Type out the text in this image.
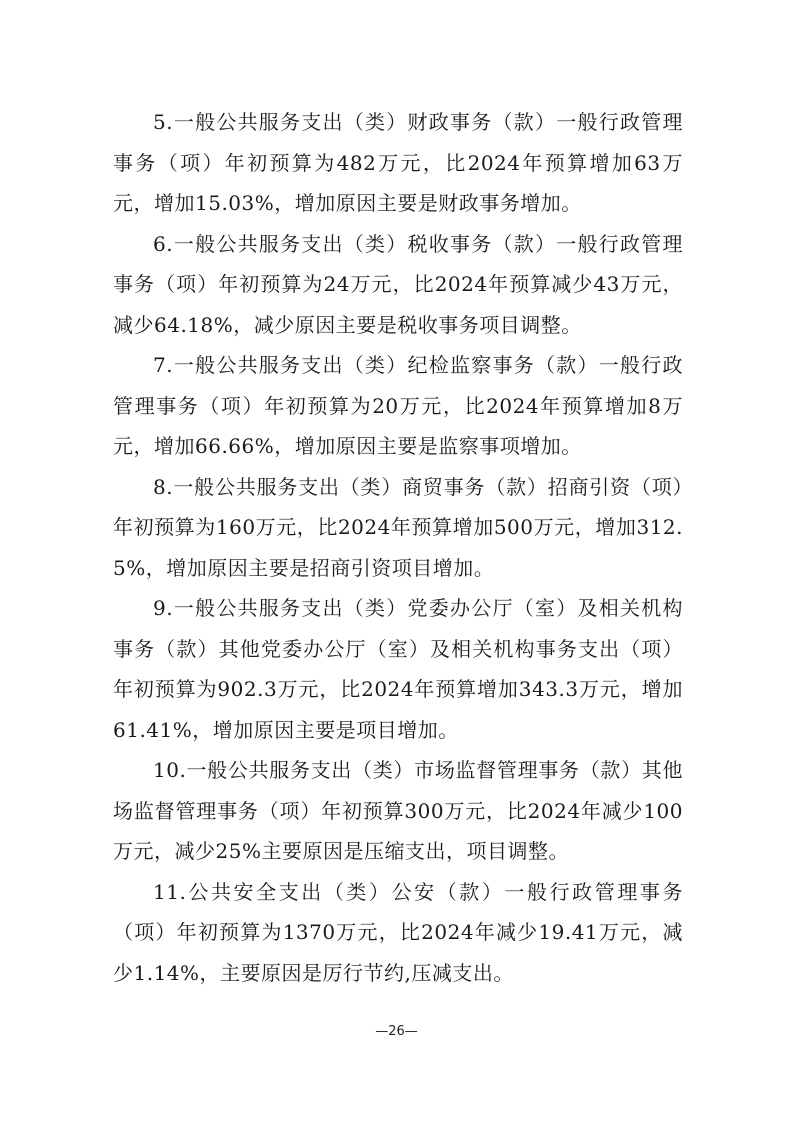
5.一般公共服务支出（类）财政事务（款）一般行政管理事务（项）年初预算为482万元，比2024年预算增加63万元，增加15.03%，增加原因主要是财政事务增加。

6.一般公共服务支出（类）税收事务（款）一般行政管理事务（项）年初预算为24万元，比2024年预算减少43万元，减少64.18%，减少原因主要是税收事务项目调整。

7.一般公共服务支出（类）纪检监察事务（款）一般行政管理事务（项）年初预算为20万元，比2024年预算增加8万元，增加66.66%，增加原因主要是监察事项增加。

8.一般公共服务支出（类）商贸事务（款）招商引资（项）年初预算为160万元，比2024年预算增加500万元，增加312.5%，增加原因主要是招商引资项目增加。

9.一般公共服务支出（类）党委办公厅（室）及相关机构事务（款）其他党委办公厅（室）及相关机构事务支出（项）年初预算为902.3万元，比2024年预算增加343.3万元，增加61.41%，增加原因主要是项目增加。

10.一般公共服务支出（类）市场监督管理事务（款）其他场监督管理事务（项）年初预算300万元，比2024年减少100万元，减少25%主要原因是压缩支出，项目调整。

11.公共安全支出（类）公安（款）一般行政管理事务（项）年初预算为1370万元，比2024年减少19.41万元，减少1.14%，主要原因是厉行节约,压减支出。

—26—
